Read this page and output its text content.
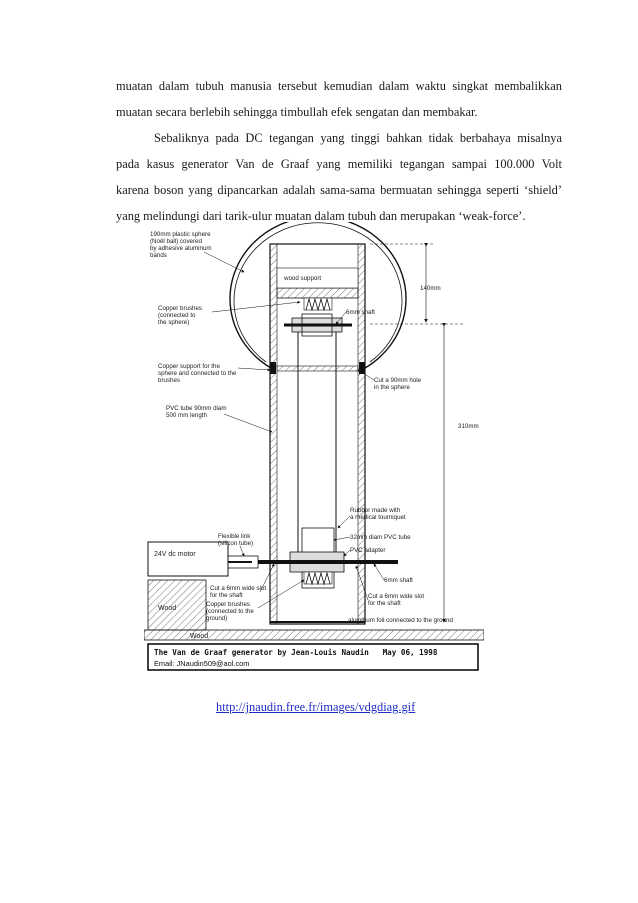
muatan dalam tubuh manusia tersebut kemudian dalam waktu singkat membalikkan
muatan secara berlebih sehingga timbullah efek sengatan dan membakar.
Sebaliknya pada DC tegangan yang tinggi bahkan tidak berbahaya misalnya
pada kasus generator Van de Graaf yang memiliki tegangan sampai 100.000 Volt
karena boson yang dipancarkan adalah sama-sama bermuatan sehingga seperti ‘shield’
yang melindungi dari tarik-ulur muatan dalam tubuh dan merupakan ‘weak-force’.
wood support
24V dc motor
Wood
Wood
140mm
310mm
190mm plastic sphere
(Noël ball) covered
by adhesive aluminum
bands
Copper brushes
(connected to
the sphere)
Copper support for the
sphere and connected to the
brushes
PVC tube 90mm diam
500 mm length
Flexible link
(silicon tube)
Cut a 6mm wide slot
for the shaft
Copper brushes
(connected to the
ground)
6mm shaft
Cut a 90mm hole
in the sphere
Rubber made with
a medical tourniquet
32mm diam PVC tube
PVC adapter
6mm shaft
Cut a 6mm wide slot
for the shaft
aluminum foil connected to the ground
The Van de Graaf generator by Jean-Louis Naudin   May 06, 1998
Email: JNaudin509@aol.com
http://jnaudin.free.fr/images/vdgdiag.gif
